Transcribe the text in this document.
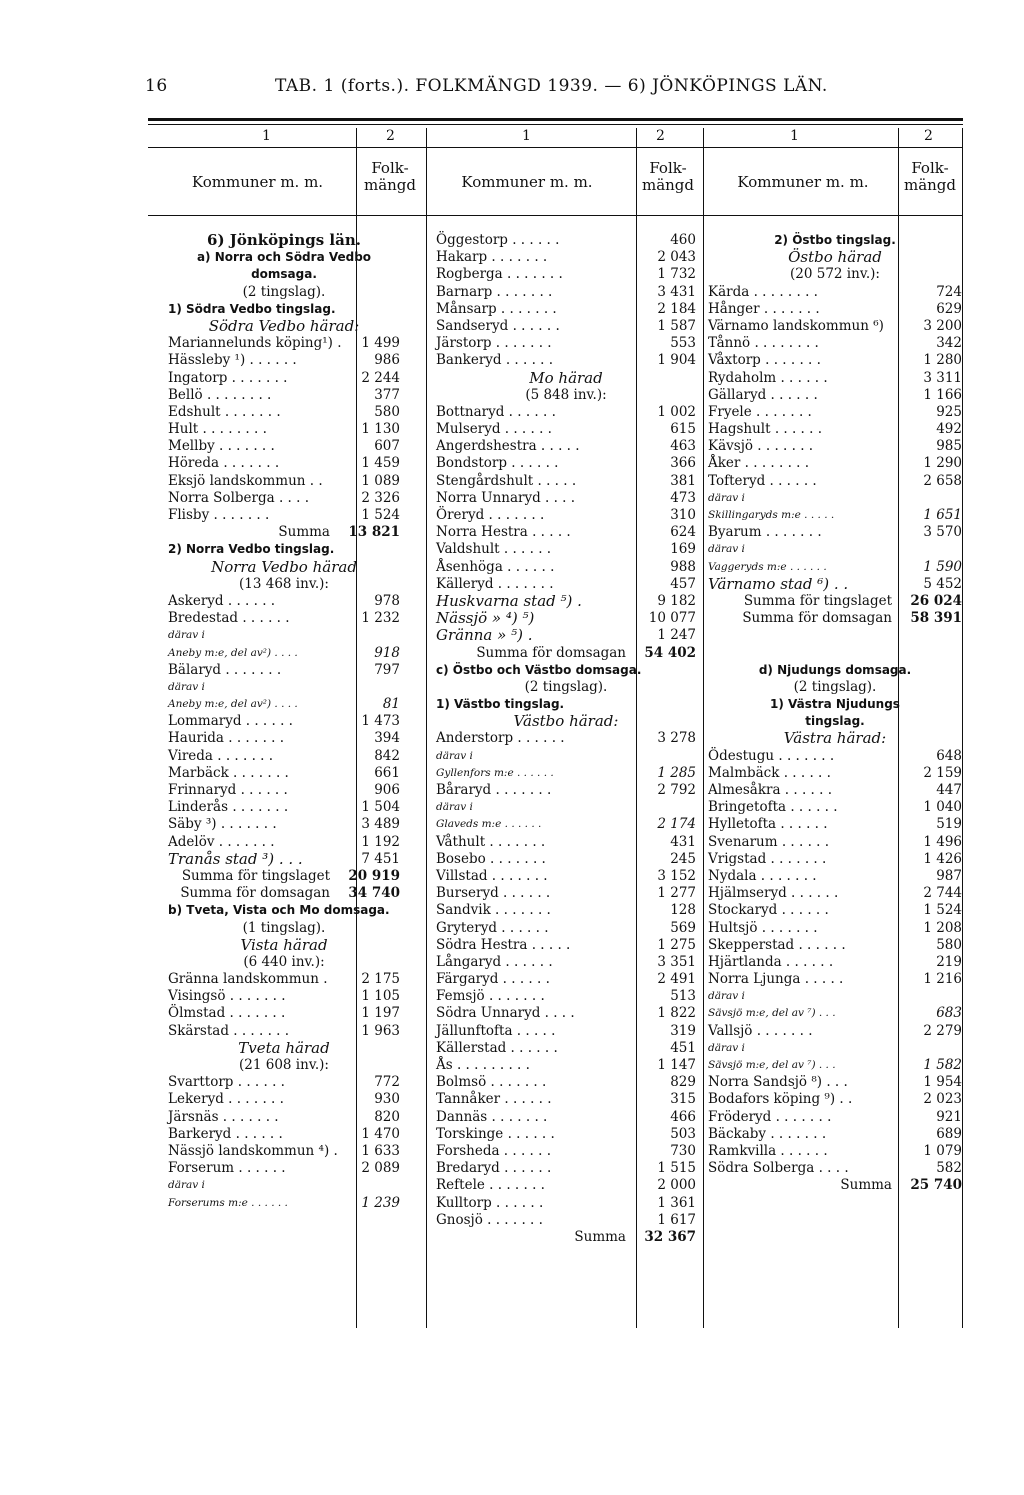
16	TAB. 1 (forts.). FOLKMÄNGD 1939. — 6) JÖNKÖPINGS LÄN.
1	2	1	2	1	2
Kommuner m. m.
Folk-
mängd	Kommuner m. m.
Folk-
mängd	Kommuner m. m.
Folk-
mängd
6) Jönköpings län.
a) Norra och Södra Vedbo
domsaga.
(2 tingslag).
1) Södra Vedbo tingslag.
Södra Vedbo härad:
Mariannelunds köping¹) . 1 499
Hässleby ¹) . . . . . .	986
Ingatorp . . . . . . .	2 244
Bellö . . . . . . . .	377
Edshult . . . . . . .	580
Hult . . . . . . . .	1 130
Mellby . . . . . . .	607
Höreda . . . . . . .	1 459
Eksjö landskommun . .	1 089
Norra Solberga . . . .	2 326
Flisby . . . . . . .	1 524
Summa 13 821
2) Norra Vedbo tingslag.
Norra Vedbo härad
(13 468 inv.):
Askeryd . . . . . .	978
Bredestad . . . . . .	1 232
därav i
Aneby m:e, del av²) . . . .	918
Bälaryd . . . . . . .	797
därav i
Aneby m:e, del av²) . . . .	81
Lommaryd . . . . . .	1 473
Haurida . . . . . . .	394
Vireda . . . . . . .	842
Marbäck . . . . . . .	661
Frinnaryd . . . . . .	906
Linderås . . . . . . .	1 504
Säby ³) . . . . . . .	3 489
Adelöv . . . . . . .	1 192
Tranås stad ³) . . .	7 451
Summa för tingslaget 20 919
Summa för domsagan 34 740
b) Tveta, Vista och Mo domsaga.
(1 tingslag).
Vista härad
(6 440 inv.):
Gränna landskommun .	2 175
Visingsö . . . . . . .	1 105
Ölmstad . . . . . . .	1 197
Skärstad . . . . . . .	1 963
Tveta härad
(21 608 inv.):
Svarttorp . . . . . .	772
Lekeryd . . . . . . .	930
Järsnäs . . . . . . .	820
Barkeryd . . . . . .	1 470
Nässjö landskommun ⁴) . 1 633
Forserum . . . . . .	2 089
därav i
Forserums m:e . . . . . .	1 239
Öggestorp . . . . . .	460
Hakarp . . . . . . .	2 043
Rogberga . . . . . . .	1 732
Barnarp . . . . . . .	3 431
Månsarp . . . . . . .	2 184
Sandseryd . . . . . .	1 587
Järstorp . . . . . . .	553
Bankeryd . . . . . .	1 904
Mo härad
(5 848 inv.):
Bottnaryd . . . . . .	1 002
Mulseryd . . . . . .	615
Angerdshestra . . . . .	463
Bondstorp . . . . . .	366
Stengårdshult . . . . .	381
Norra Unnaryd . . . .	473
Öreryd . . . . . . .	310
Norra Hestra . . . . .	624
Valdshult . . . . . .	169
Åsenhöga . . . . . .	988
Källeryd . . . . . . .	457
Huskvarna stad ⁵) .	9 182
Nässjö » ⁴) ⁵)	10 077
Gränna » ⁵) .	1 247
Summa för domsagan 54 402
c) Östbo och Västbo domsaga.
(2 tingslag).
1) Västbo tingslag.
Västbo härad:
Anderstorp . . . . . .	3 278
därav i
Gyllenfors m:e . . . . . .	1 285
Båraryd . . . . . . .	2 792
därav i
Glaveds m:e . . . . . .	2 174
Våthult . . . . . . .	431
Bosebo . . . . . . .	245
Villstad . . . . . . .	3 152
Burseryd . . . . . .	1 277
Sandvik . . . . . . .	128
Gryteryd . . . . . .	569
Södra Hestra . . . . .	1 275
Långaryd . . . . . .	3 351
Färgaryd . . . . . .	2 491
Femsjö . . . . . . .	513
Södra Unnaryd . . . .	1 822
Jällunftofta . . . . .	319
Källerstad . . . . . .	451
Ås . . . . . . . . .	1 147
Bolmsö . . . . . . .	829
Tannåker . . . . . .	315
Dannäs . . . . . . .	466
Torskinge . . . . . .	503
Forsheda . . . . . .	730
Bredaryd . . . . . .	1 515
Reftele . . . . . . .	2 000
Kulltorp . . . . . .	1 361
Gnosjö . . . . . . .	1 617
Summa 32 367
2) Östbo tingslag.
Östbo härad
(20 572 inv.):
Kärda . . . . . . . .	724
Hånger . . . . . . .	629
Värnamo landskommun ⁶)	3 200
Tånnö . . . . . . . .	342
Våxtorp . . . . . . .	1 280
Rydaholm . . . . . .	3 311
Gällaryd . . . . . .	1 166
Fryele . . . . . . .	925
Hagshult . . . . . .	492
Kävsjö . . . . . . .	985
Åker . . . . . . . .	1 290
Tofteryd . . . . . .	2 658
därav i
Skillingaryds m:e . . . . .	1 651
Byarum . . . . . . .	3 570
därav i
Vaggeryds m:e . . . . . .	1 590
Värnamo stad ⁶) . .	5 452
Summa för tingslaget 26 024
Summa för domsagan 58 391
d) Njudungs domsaga.
(2 tingslag).
1) Västra Njudungs
tingslag.
Västra härad:
Ödestugu . . . . . . .	648
Malmbäck . . . . . .	2 159
Almesåkra . . . . . .	447
Bringetofta . . . . . .	1 040
Hylletofta . . . . . .	519
Svenarum . . . . . .	1 496
Vrigstad . . . . . . .	1 426
Nydala . . . . . . .	987
Hjälmseryd . . . . . .	2 744
Stockaryd . . . . . .	1 524
Hultsjö . . . . . . .	1 208
Skepperstad . . . . . .	580
Hjärtlanda . . . . . .	219
Norra Ljunga . . . . .	1 216
därav i
Sävsjö m:e, del av ⁷) . . .	683
Vallsjö . . . . . . .	2 279
därav i
Sävsjö m:e, del av ⁷) . . .	1 582
Norra Sandsjö ⁸) . . .	1 954
Bodafors köping ⁹) . .	2 023
Fröderyd . . . . . . .	921
Bäckaby . . . . . . .	689
Ramkvilla . . . . . .	1 079
Södra Solberga . . . .	582
Summa 25 740
